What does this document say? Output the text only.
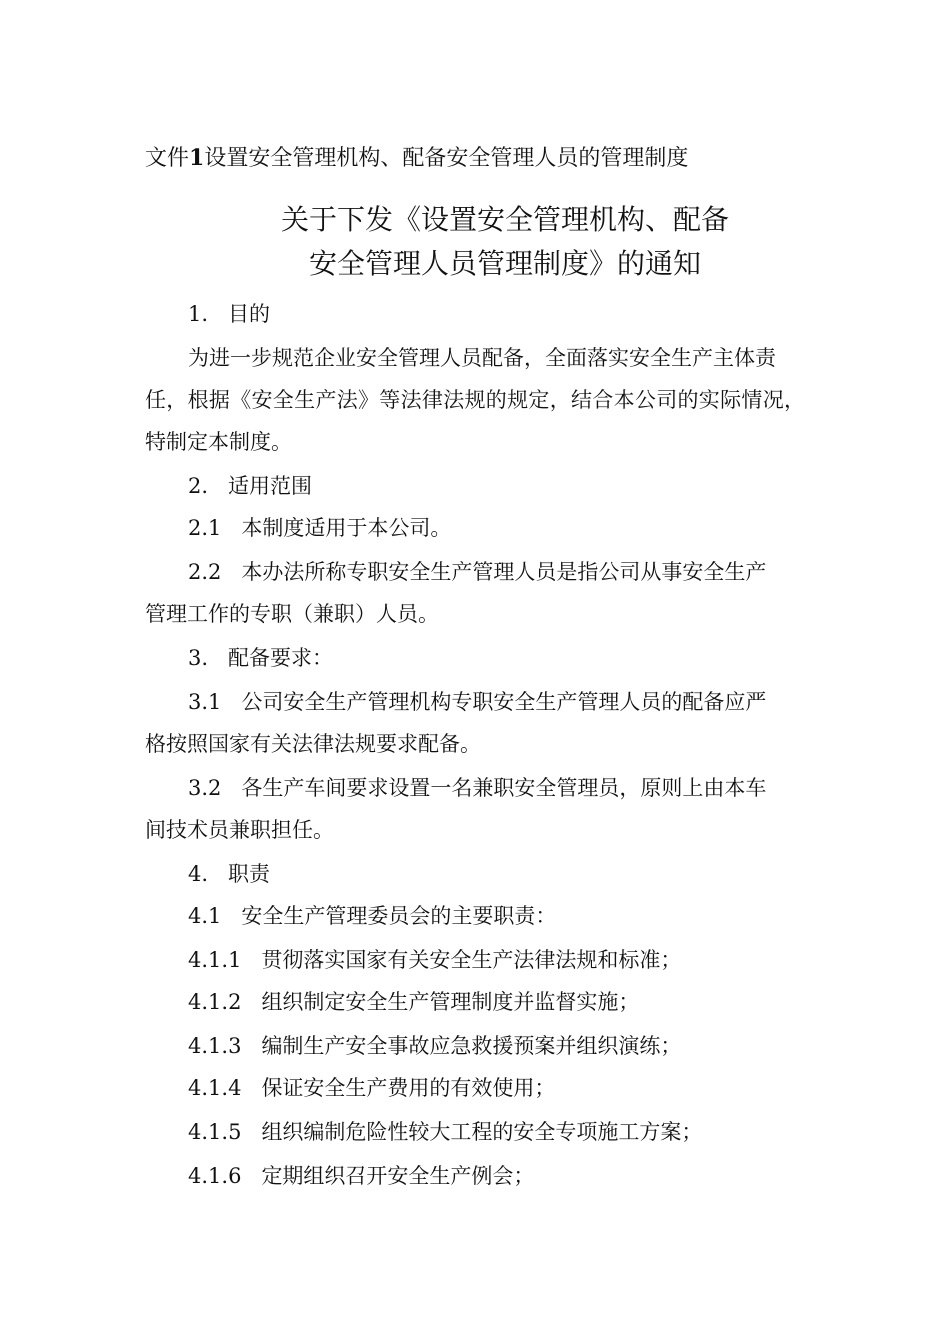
文件1设置安全管理机构、配备安全管理人员的管理制度
关于下发《设置安全管理机构、配备
安全管理人员管理制度》的通知
1. 目的
为进一步规范企业安全管理人员配备，全面落实安全生产主体责
任，根据《安全生产法》等法律法规的规定，结合本公司的实际情况，
特制定本制度。
2. 适用范围
2.1 本制度适用于本公司。
2.2 本办法所称专职安全生产管理人员是指公司从事安全生产
管理工作的专职（兼职）人员。
3. 配备要求：
3.1 公司安全生产管理机构专职安全生产管理人员的配备应严
格按照国家有关法律法规要求配备。
3.2 各生产车间要求设置一名兼职安全管理员，原则上由本车
间技术员兼职担任。
4. 职责
4.1 安全生产管理委员会的主要职责：
4.1.1 贯彻落实国家有关安全生产法律法规和标准；
4.1.2 组织制定安全生产管理制度并监督实施；
4.1.3 编制生产安全事故应急救援预案并组织演练；
4.1.4 保证安全生产费用的有效使用；
4.1.5 组织编制危险性较大工程的安全专项施工方案；
4.1.6 定期组织召开安全生产例会；
